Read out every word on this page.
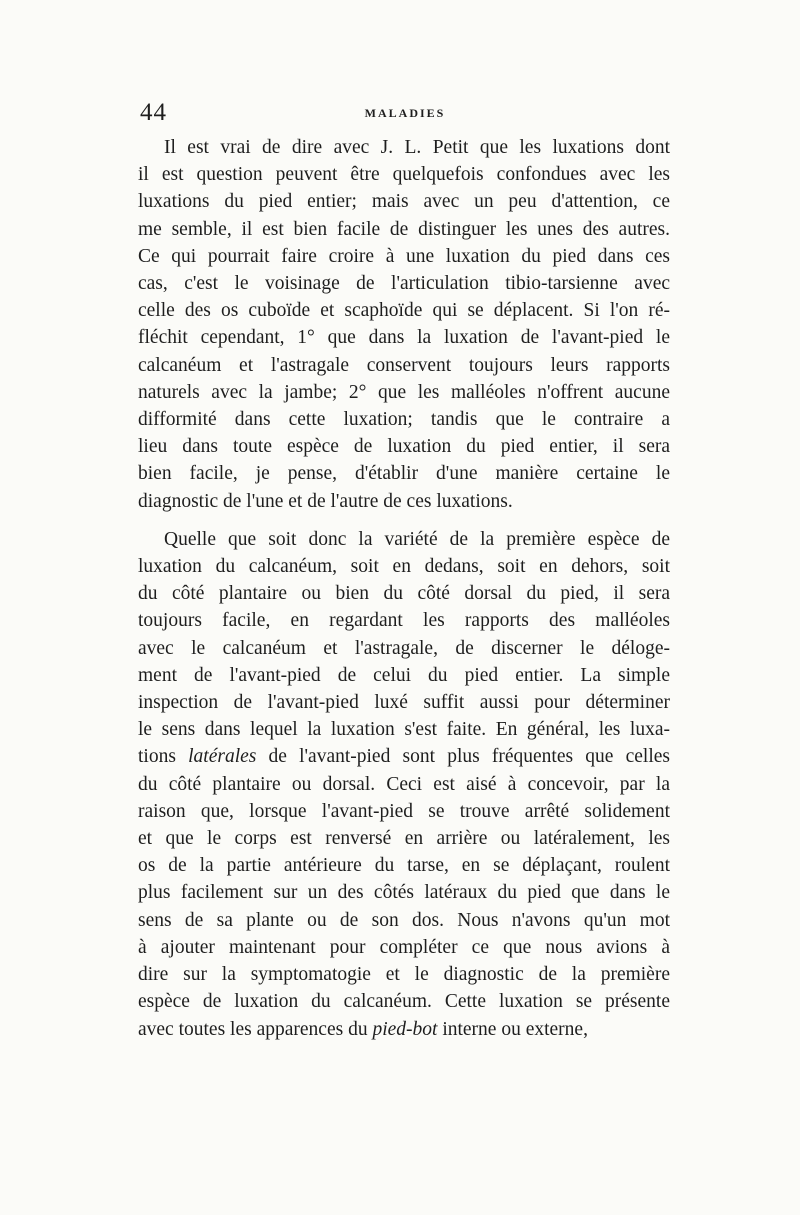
44	MALADIES

Il est vrai de dire avec J. L. Petit que les luxations dont
il est question peuvent être quelquefois confondues avec les
luxations du pied entier; mais avec un peu d'attention, ce
me semble, il est bien facile de distinguer les unes des autres.
Ce qui pourrait faire croire à une luxation du pied dans ces
cas, c'est le voisinage de l'articulation tibio-tarsienne avec
celle des os cuboïde et scaphoïde qui se déplacent. Si l'on ré-
fléchit cependant, 1° que dans la luxation de l'avant-pied le
calcanéum et l'astragale conservent toujours leurs rapports
naturels avec la jambe; 2° que les malléoles n'offrent aucune
difformité dans cette luxation; tandis que le contraire a
lieu dans toute espèce de luxation du pied entier, il sera
bien facile, je pense, d'établir d'une manière certaine le
diagnostic de l'une et de l'autre de ces luxations.

Quelle que soit donc la variété de la première espèce de
luxation du calcanéum, soit en dedans, soit en dehors, soit
du côté plantaire ou bien du côté dorsal du pied, il sera
toujours facile, en regardant les rapports des malléoles
avec le calcanéum et l'astragale, de discerner le déloge-
ment de l'avant-pied de celui du pied entier. La simple
inspection de l'avant-pied luxé suffit aussi pour déterminer
le sens dans lequel la luxation s'est faite. En général, les luxa-
tions latérales de l'avant-pied sont plus fréquentes que celles
du côté plantaire ou dorsal. Ceci est aisé à concevoir, par la
raison que, lorsque l'avant-pied se trouve arrêté solidement
et que le corps est renversé en arrière ou latéralement, les
os de la partie antérieure du tarse, en se déplaçant, roulent
plus facilement sur un des côtés latéraux du pied que dans le
sens de sa plante ou de son dos. Nous n'avons qu'un mot
à ajouter maintenant pour compléter ce que nous avions à
dire sur la symptomatogie et le diagnostic de la première
espèce de luxation du calcanéum. Cette luxation se présente
avec toutes les apparences du pied-bot interne ou externe,
